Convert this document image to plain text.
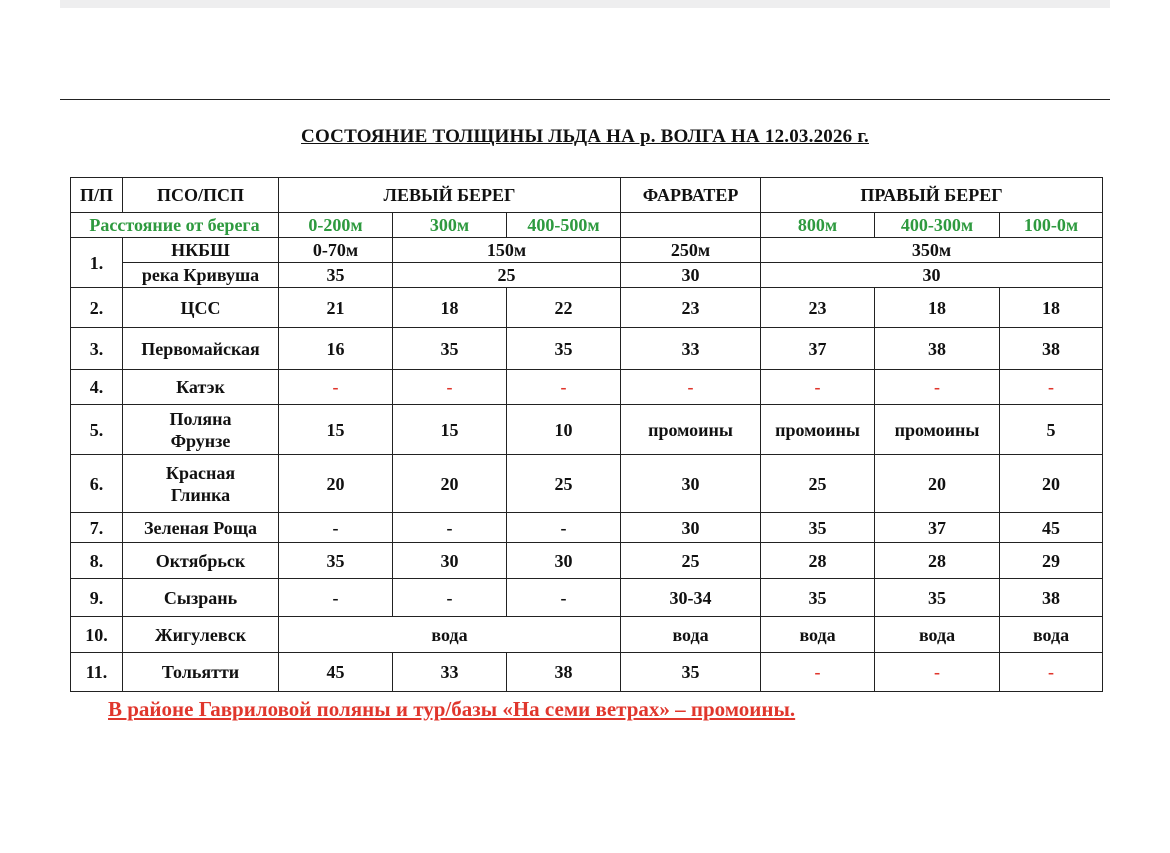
СОСТОЯНИЕ ТОЛЩИНЫ ЛЬДА НА р. ВОЛГА НА 12.03.2026 г.
П/П	ПСО/ПСП	ЛЕВЫЙ БЕРЕГ			ФАРВАТЕР	ПРАВЫЙ БЕРЕГ		
Расстояние от берега		0-200м	300м	400-500м		800м	400-300м	100-0м
1.	НКБШ	0-70м	150м		250м	350м		
	река Кривуша	35	25		30	30		
2.	ЦСС	21	18	22	23	23	18	18
3.	Первомайская	16	35	35	33	37	38	38
4.	Катэк	-	-	-	-	-	-	-
5.	Поляна
Фрунзе	15	15	10	промоины	промоины	промоины	5
6.	Красная
Глинка	20	20	25	30	25	20	20
7.	Зеленая Роща	-	-	-	30	35	37	45
8.	Октябрьск	35	30	30	25	28	28	29
9.	Сызрань	-	-	-	30-34	35	35	38
10.	Жигулевск	вода			вода	вода	вода	вода
11.	Тольятти	45	33	38	35	-	-	-
В районе Гавриловой поляны и тур/базы «На семи ветрах» – промоины.
